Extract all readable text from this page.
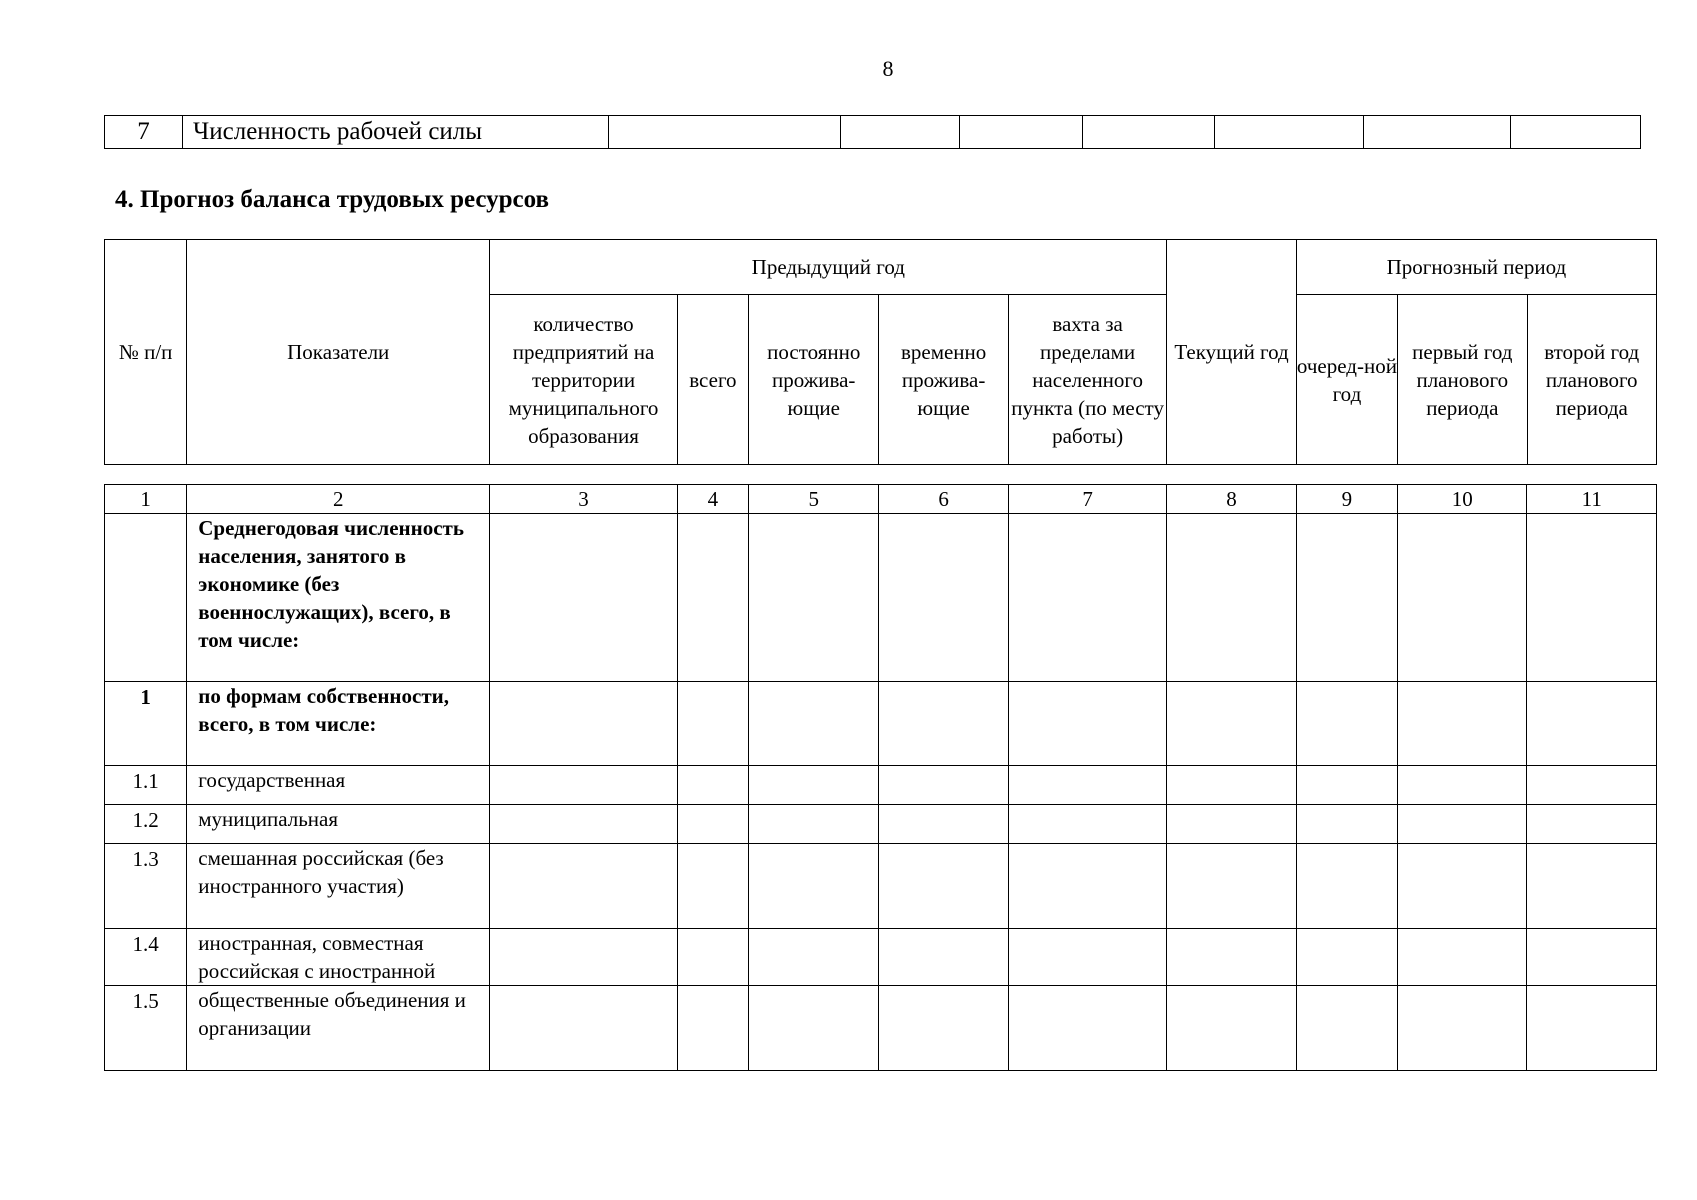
8
7	Численность рабочей силы							
4. Прогноз баланса трудовых ресурсов
№ п/п	Показатели	Предыдущий год					Текущий год	Прогнозный период		
		количество предприятий на территории муниципального образования	всего	постоянно прожива-ющие	временно прожива-ющие	вахта за пределами населенного пункта (по месту работы)		очеред-ной год	первый год планового периода	второй год планового периода
1	2	3	4	5	6	7	8	9	10	11
	Среднегодовая численность населения, занятого в экономике (без военнослужащих), всего, в том числе:									
1	по формам собственности, всего, в том числе:									
1.1	государственная									
1.2	муниципальная									
1.3	смешанная российская (без иностранного участия)									
1.4	иностранная, совместная российская с иностранной									
1.5	общественные объединения и организации									
